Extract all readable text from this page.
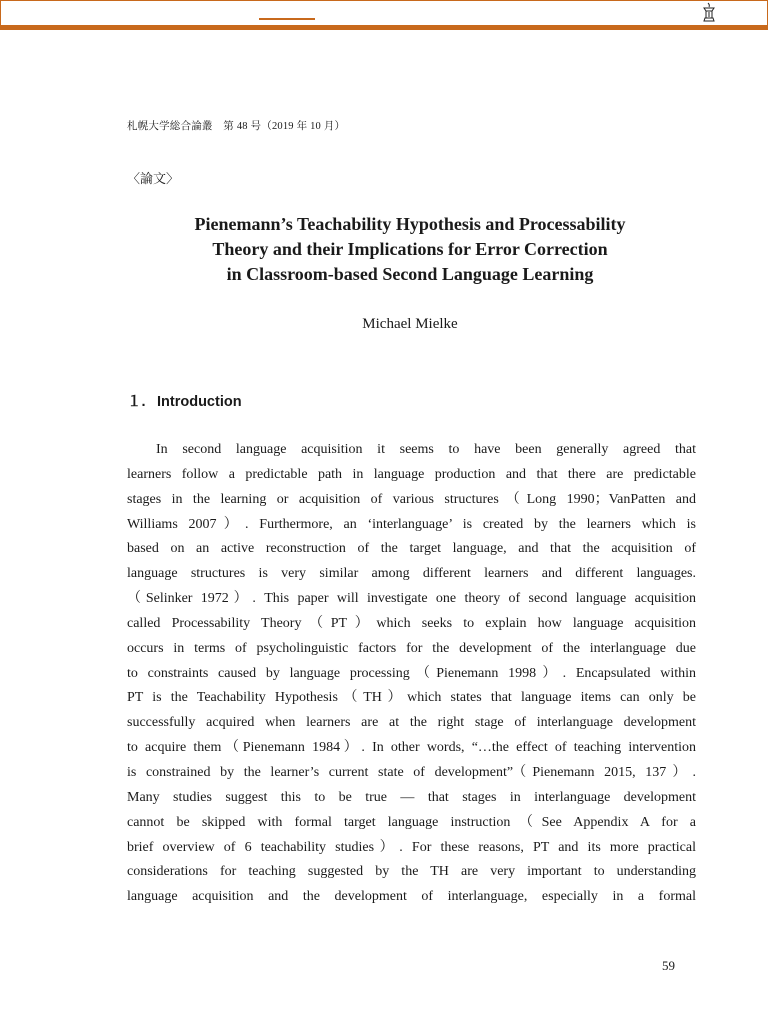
札幌大学総合論叢　第 48 号（2019 年 10 月）
〈論文〉
Pienemann’s Teachability Hypothesis and Processability
Theory and their Implications for Error Correction
in Classroom-based Second Language Learning
Michael Mielke
１. Introduction
In second language acquisition it seems to have been generally agreed that
learners follow a predictable path in language production and that there are predictable
stages in the learning or acquisition of various structures（Long 1990；VanPatten and
Williams 2007）. Furthermore, an ‘interlanguage’ is created by the learners which is
based on an active reconstruction of the target language, and that the acquisition of
language structures is very similar among different learners and different languages.
（Selinker 1972）. This paper will investigate one theory of second language acquisition
called Processability Theory（PT）which seeks to explain how language acquisition
occurs in terms of psycholinguistic factors for the development of the interlanguage due
to constraints caused by language processing（Pienemann 1998）. Encapsulated within
PT is the Teachability Hypothesis（TH）which states that language items can only be
successfully acquired when learners are at the right stage of interlanguage development
to acquire them（Pienemann 1984）. In other words, “…the effect of teaching intervention
is constrained by the learner’s current state of development”（Pienemann 2015, 137）.
Many studies suggest this to be true — that stages in interlanguage development
cannot be skipped with formal target language instruction（See Appendix A for a
brief overview of 6 teachability studies）. For these reasons, PT and its more practical
considerations for teaching suggested by the TH are very important to understanding
language acquisition and the development of interlanguage, especially in a formal
59
